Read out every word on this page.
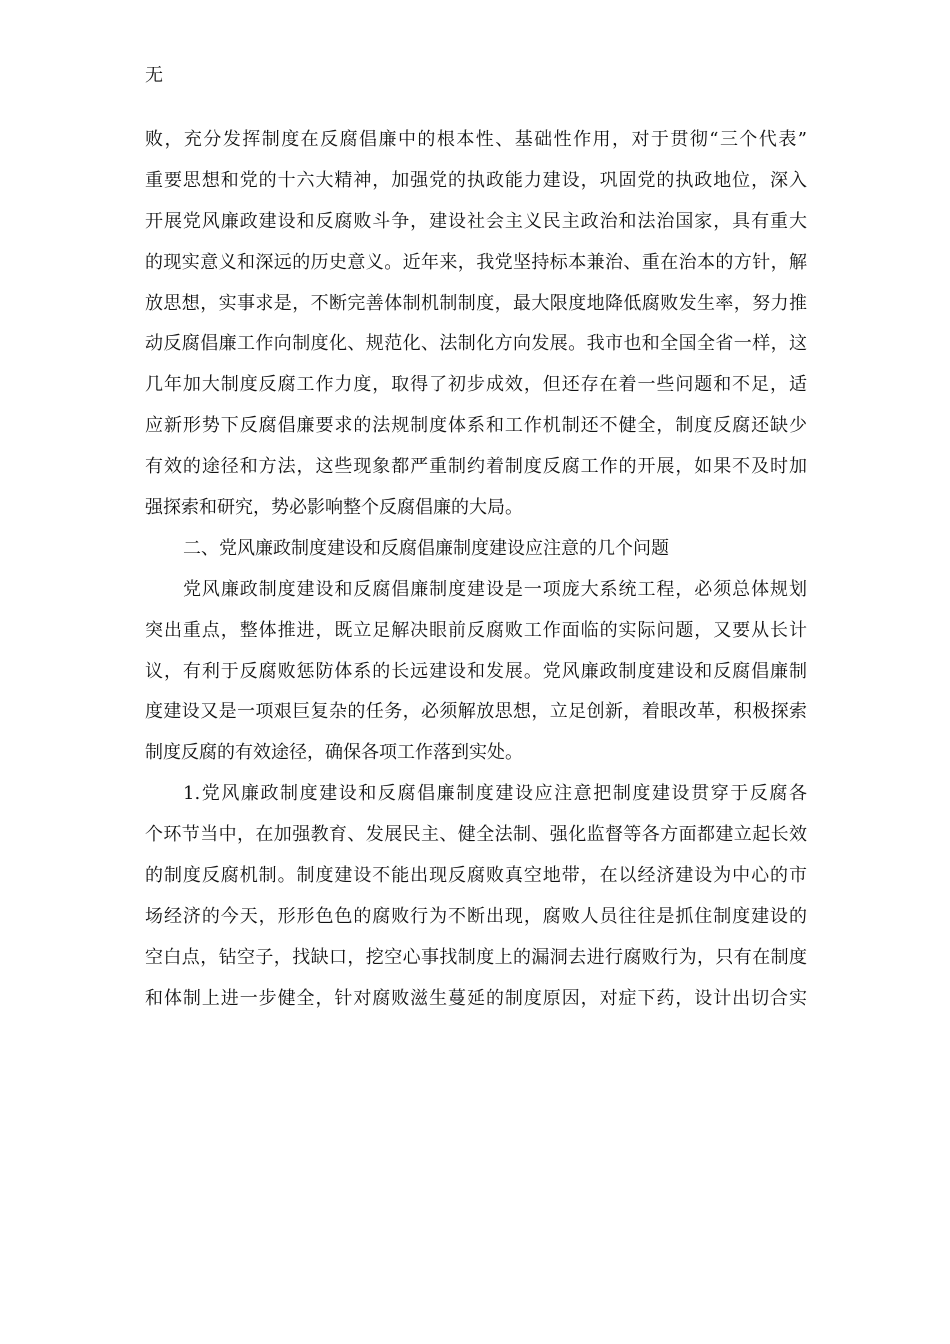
无
败，充分发挥制度在反腐倡廉中的根本性、基础性作用，对于贯彻“三个代表”
重要思想和党的十六大精神，加强党的执政能力建设，巩固党的执政地位，深入
开展党风廉政建设和反腐败斗争，建设社会主义民主政治和法治国家，具有重大
的现实意义和深远的历史意义。近年来，我党坚持标本兼治、重在治本的方针，解
放思想，实事求是，不断完善体制机制制度，最大限度地降低腐败发生率，努力推
动反腐倡廉工作向制度化、规范化、法制化方向发展。我市也和全国全省一样，这
几年加大制度反腐工作力度，取得了初步成效，但还存在着一些问题和不足，适
应新形势下反腐倡廉要求的法规制度体系和工作机制还不健全，制度反腐还缺少
有效的途径和方法，这些现象都严重制约着制度反腐工作的开展，如果不及时加
强探索和研究，势必影响整个反腐倡廉的大局。
二、党风廉政制度建设和反腐倡廉制度建设应注意的几个问题
党风廉政制度建设和反腐倡廉制度建设是一项庞大系统工程，必须总体规划
突出重点，整体推进，既立足解决眼前反腐败工作面临的实际问题，又要从长计
议，有利于反腐败惩防体系的长远建设和发展。党风廉政制度建设和反腐倡廉制
度建设又是一项艰巨复杂的任务，必须解放思想，立足创新，着眼改革，积极探索
制度反腐的有效途径，确保各项工作落到实处。
1.党风廉政制度建设和反腐倡廉制度建设应注意把制度建设贯穿于反腐各
个环节当中，在加强教育、发展民主、健全法制、强化监督等各方面都建立起长效
的制度反腐机制。制度建设不能出现反腐败真空地带，在以经济建设为中心的市
场经济的今天，形形色色的腐败行为不断出现，腐败人员往往是抓住制度建设的
空白点，钻空子，找缺口，挖空心事找制度上的漏洞去进行腐败行为，只有在制度
和体制上进一步健全，针对腐败滋生蔓延的制度原因，对症下药，设计出切合实
